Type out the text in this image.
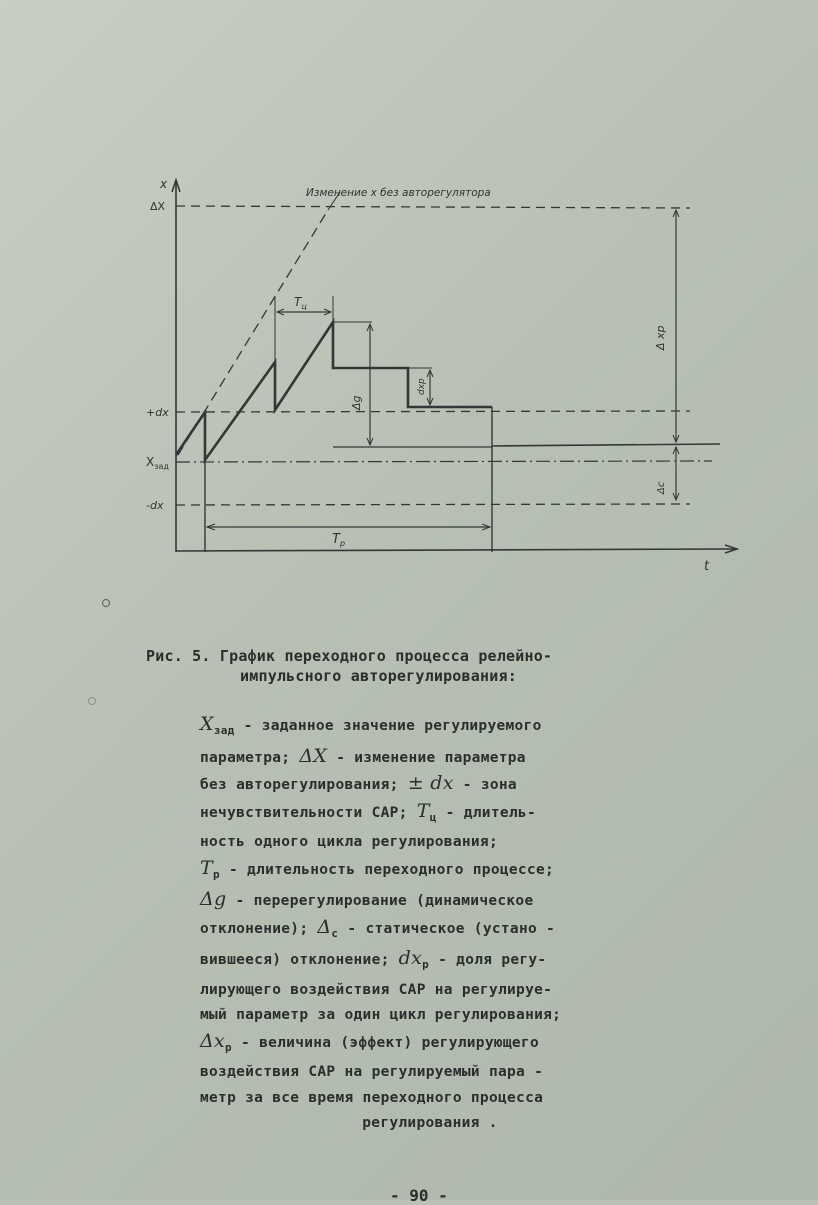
x
t
ΔX
+dx
$X_{зад}$
-dx
Изменение x без авторегулятора
$T_ц$
$T_р$
Δg
dxp
Δ xp
Δc
Рис. 5. График переходного процесса релейно-
импульсного авторегулирования:
$X_{зад}$ - заданное значение регулируемого
параметра; ΔX - изменение параметра
без авторегулирования; ± dx - зона
нечувствительности САР; $T_ц$ - длитель-
ность одного цикла регулирования;
$T_р$ - длительность переходного процессе;
Δg - перерегулирование (динамическое
отклонение); $\Delta_с$ - статическое (устано -
вившееся) отклонение; $dx_р$ - доля регу-
лирующего воздействия САР на регулируе-
мый параметр за один цикл регулирования;
$\Delta x_р$ - величина (эффект) регулирующего
воздействия САР на регулируемый пара -
метр за все время переходного процесса
регулирования .
- 90 -
